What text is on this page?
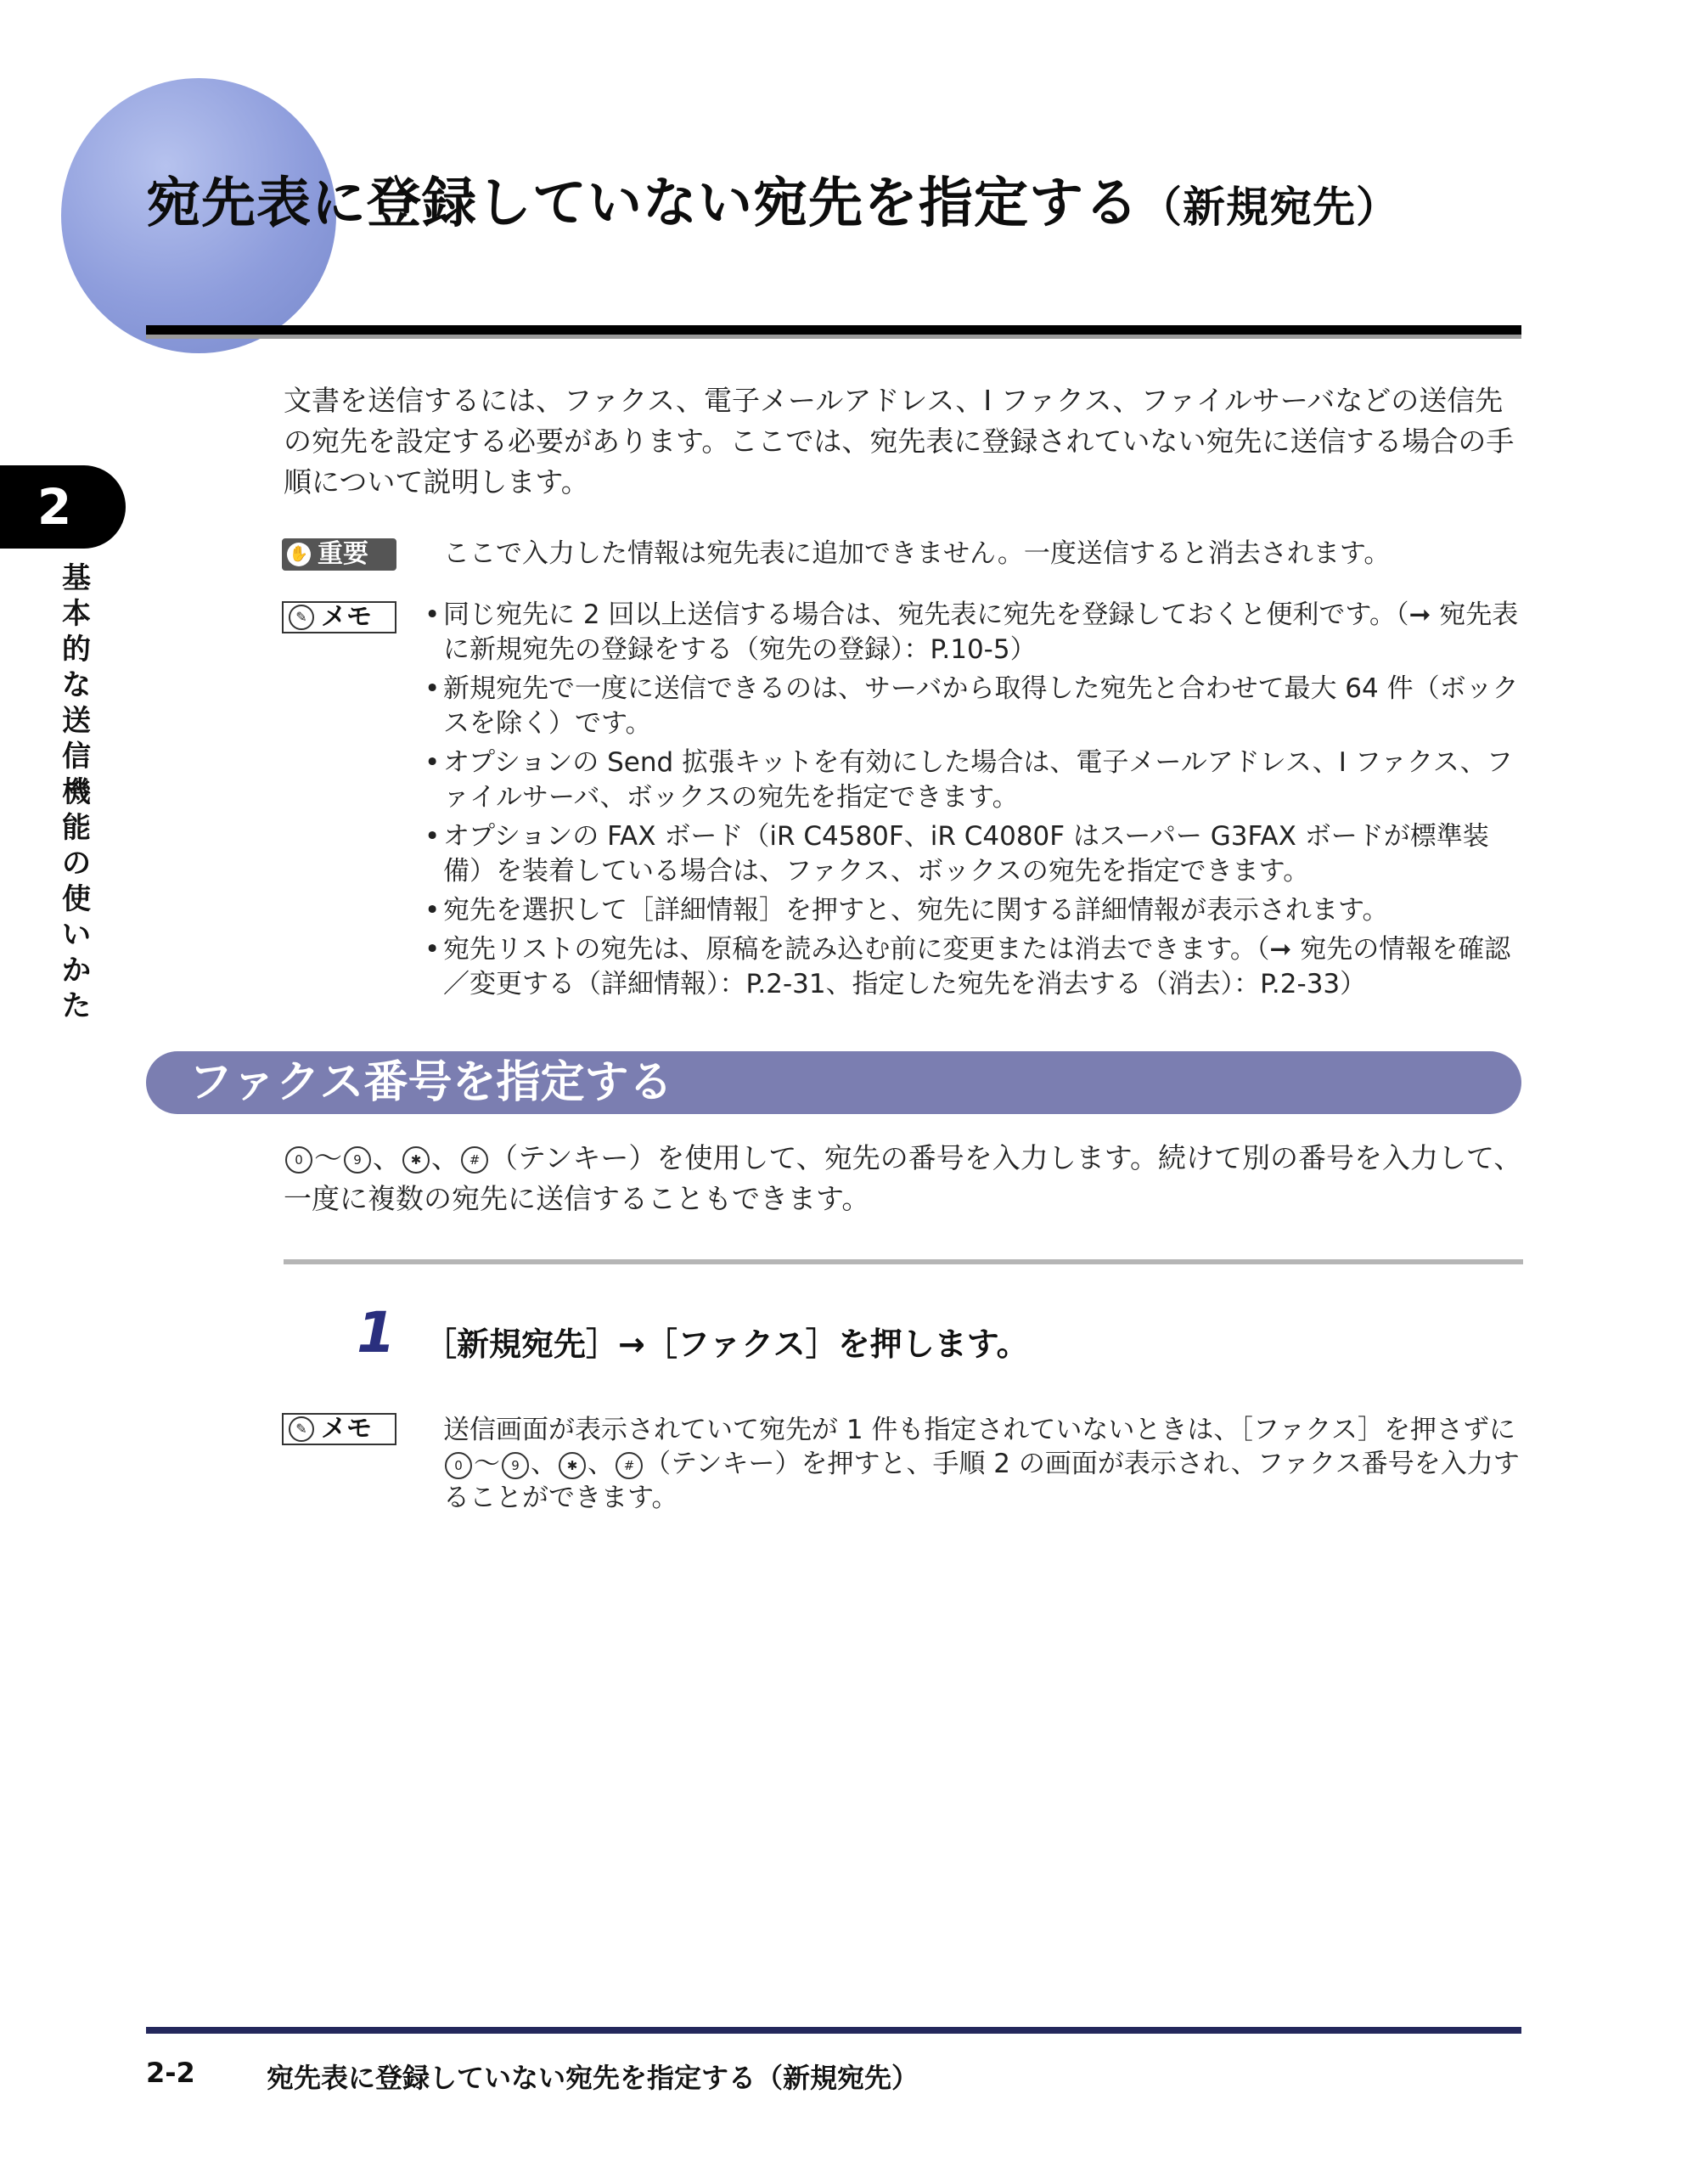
宛先表に登録していない宛先を指定する（新規宛先）
2
基本的な送信機能の使いかた
文書を送信するには、ファクス、電子メールアドレス、I ファクス、ファイルサーバなどの送信先の宛先を設定する必要があります。ここでは、宛先表に登録されていない宛先に送信する場合の手順について説明します。
✋ 重要	ここで入力した情報は宛先表に追加できません。一度送信すると消去されます。
✎ メモ
•	同じ宛先に 2 回以上送信する場合は、宛先表に宛先を登録しておくと便利です。（➞ 宛先表に新規宛先の登録をする（宛先の登録）：P.10-5）
• 新規宛先で一度に送信できるのは、サーバから取得した宛先と合わせて最大 64 件（ボックスを除く）です。
• オプションの Send 拡張キットを有効にした場合は、電子メールアドレス、I ファクス、ファイルサーバ、ボックスの宛先を指定できます。
• オプションの FAX ボード（iR C4580F、iR C4080F はスーパー G3FAX ボードが標準装備）を装着している場合は、ファクス、ボックスの宛先を指定できます。
• 宛先を選択して［詳細情報］を押すと、宛先に関する詳細情報が表示されます。
• 宛先リストの宛先は、原稿を読み込む前に変更または消去できます。（➞ 宛先の情報を確認／変更する（詳細情報）：P.2-31、指定した宛先を消去する（消去）：P.2-33）
ファクス番号を指定する
0 ～ 9 、 ✱ 、 # （テンキー）を使用して、宛先の番号を入力します。続けて別の番号を入力して、一度に複数の宛先に送信することもできます。
1 ［新規宛先］→［ファクス］を押します。
✎ メモ	送信画面が表示されていて宛先が 1 件も指定されていないときは、［ファクス］を押さずに0 ～ 9 、 ✱ 、 # （テンキー）を押すと、手順 2 の画面が表示され、ファクス番号を入力することができます。
2-2	宛先表に登録していない宛先を指定する（新規宛先）
